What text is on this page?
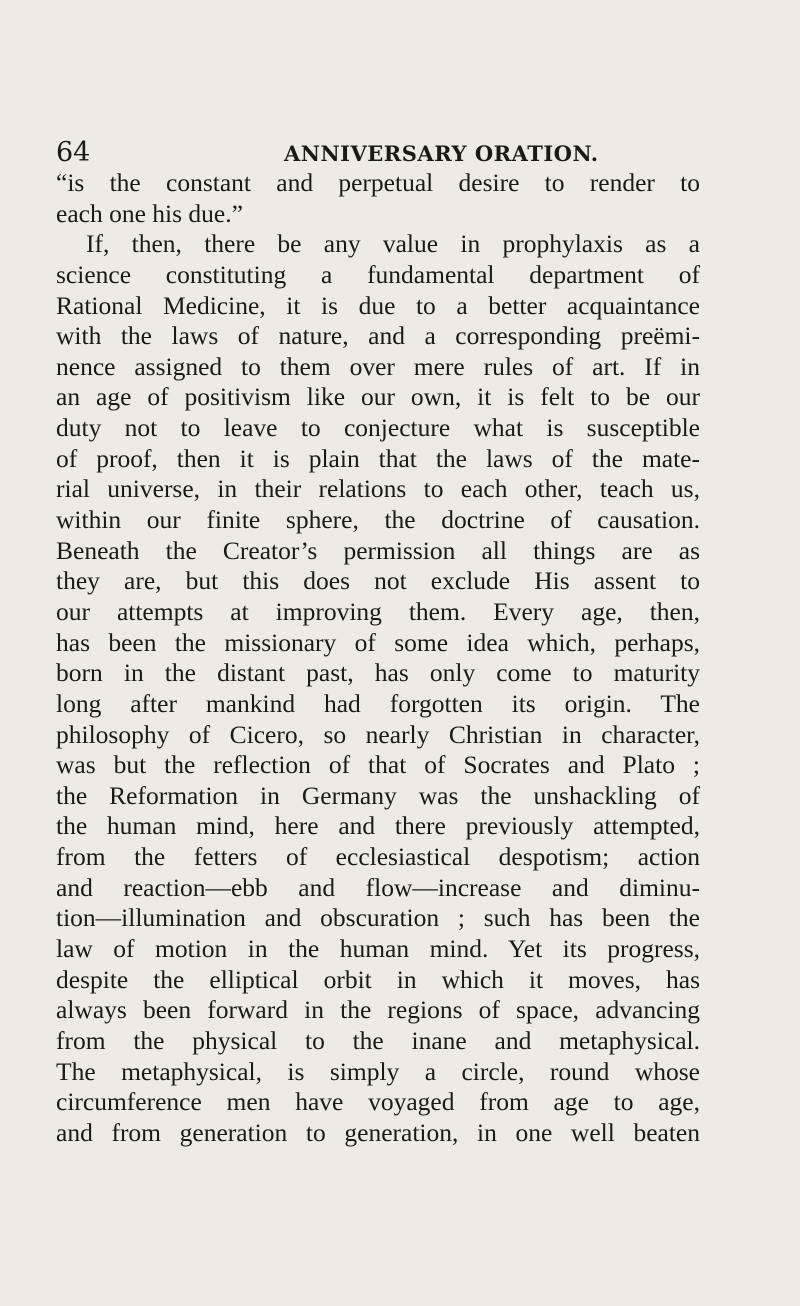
64	ANNIVERSARY ORATION.
“is the constant and perpetual desire to render to
each one his due.”
If, then, there be any value in prophylaxis as a
science constituting a fundamental department of
Rational Medicine, it is due to a better acquaintance
with the laws of nature, and a corresponding preëmi-
nence assigned to them over mere rules of art. If in
an age of positivism like our own, it is felt to be our
duty not to leave to conjecture what is susceptible
of proof, then it is plain that the laws of the mate-
rial universe, in their relations to each other, teach us,
within our finite sphere, the doctrine of causation.
Beneath the Creator’s permission all things are as
they are, but this does not exclude His assent to
our attempts at improving them. Every age, then,
has been the missionary of some idea which, perhaps,
born in the distant past, has only come to maturity
long after mankind had forgotten its origin. The
philosophy of Cicero, so nearly Christian in character,
was but the reflection of that of Socrates and Plato ;
the Reformation in Germany was the unshackling of
the human mind, here and there previously attempted,
from the fetters of ecclesiastical despotism; action
and reaction—ebb and flow—increase and diminu-
tion—illumination and obscuration ; such has been the
law of motion in the human mind. Yet its progress,
despite the elliptical orbit in which it moves, has
always been forward in the regions of space, advancing
from the physical to the inane and metaphysical.
The metaphysical, is simply a circle, round whose
circumference men have voyaged from age to age,
and from generation to generation, in one well beaten
